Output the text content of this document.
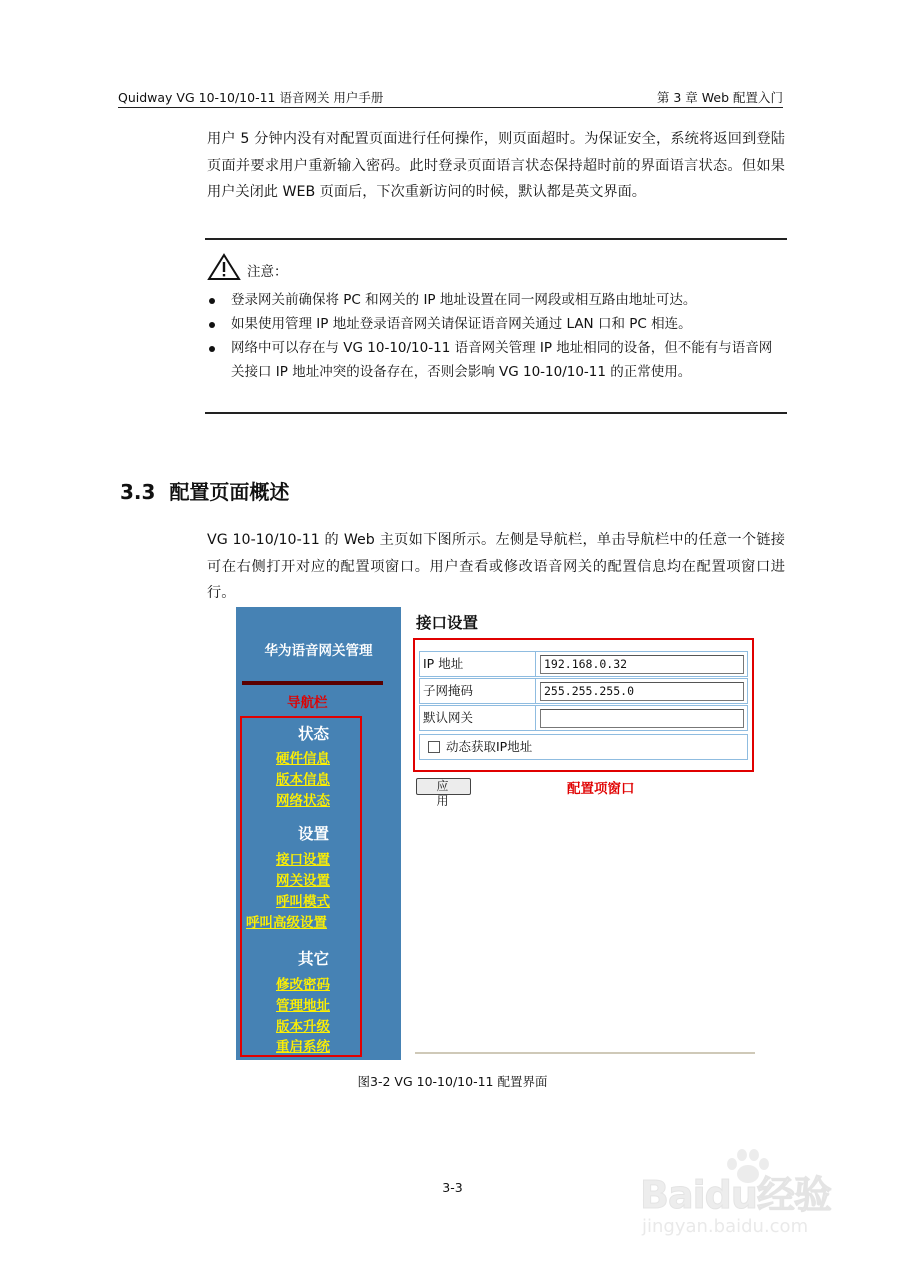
Quidway VG 10-10/10-11 语音网关 用户手册	第 3 章 Web 配置入门

用户 5 分钟内没有对配置页面进行任何操作，则页面超时。为保证安全，系统将返回到登陆页面并要求用户重新输入密码。此时登录页面语言状态保持超时前的界面语言状态。但如果用户关闭此 WEB 页面后，下次重新访问的时候，默认都是英文界面。

注意：
登录网关前确保将 PC 和网关的 IP 地址设置在同一网段或相互路由地址可达。
如果使用管理 IP 地址登录语音网关请保证语音网关通过 LAN 口和 PC 相连。
网络中可以存在与 VG 10-10/10-11 语音网关管理 IP 地址相同的设备，但不能有与语音网关接口 IP 地址冲突的设备存在，否则会影响 VG 10-10/10-11 的正常使用。
3.3 配置页面概述

VG 10-10/10-11 的 Web 主页如下图所示。左侧是导航栏，单击导航栏中的任意一个链接可在右侧打开对应的配置项窗口。用户查看或修改语音网关的配置信息均在配置项窗口进行。

华为语音网关管理
导航栏
状态
硬件信息
版本信息
网络状态
设置
接口设置
网关设置
呼叫模式
呼叫高级设置
其它
修改密码
管理地址
版本升级
重启系统
接口设置
IP 地址	192.168.0.32
子网掩码	255.255.255.0
默认网关
动态获取IP地址
应 用
配置项窗口
图3-2 VG 10-10/10-11 配置界面
3-3	Baidu经验
jingyan.baidu.com
